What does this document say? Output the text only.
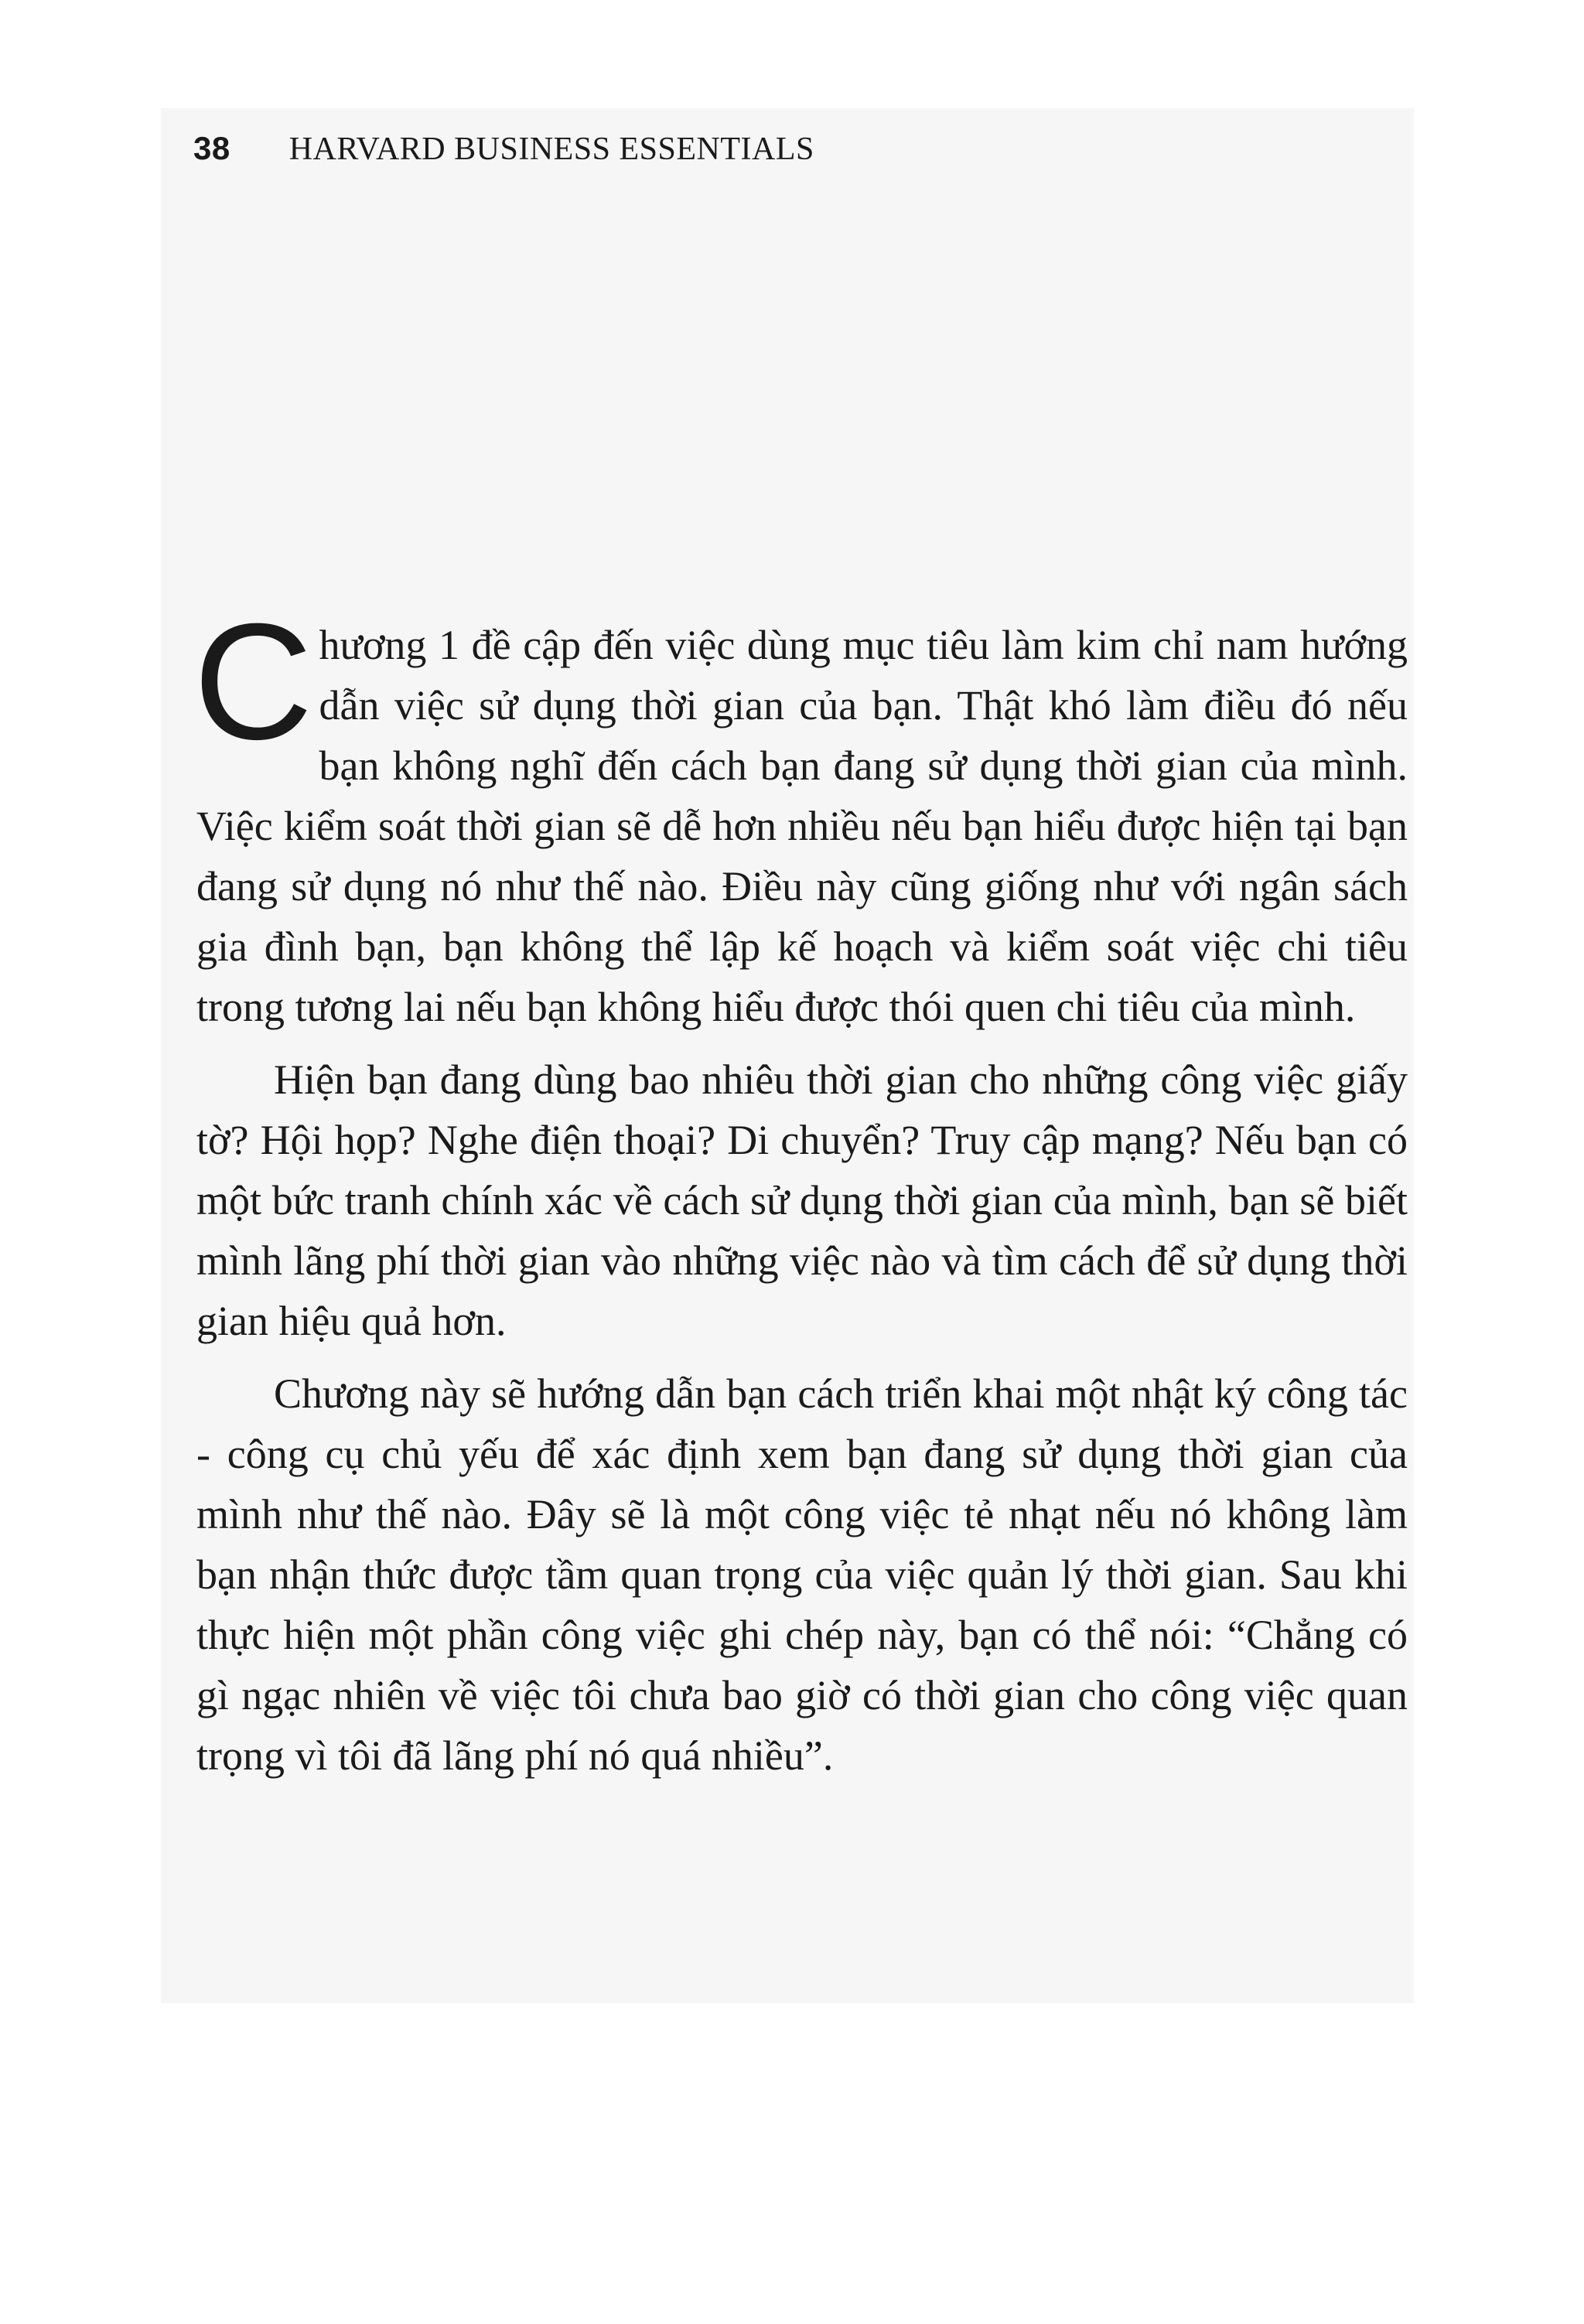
38 HARVARD BUSINESS ESSENTIALS

Chương 1 đề cập đến việc dùng mục tiêu làm kim chỉ nam hướng dẫn việc sử dụng thời gian của bạn. Thật khó làm điều đó nếu bạn không nghĩ đến cách bạn đang sử dụng thời gian của mình. Việc kiểm soát thời gian sẽ dễ hơn nhiều nếu bạn hiểu được hiện tại bạn đang sử dụng nó như thế nào. Điều này cũng giống như với ngân sách gia đình bạn, bạn không thể lập kế hoạch và kiểm soát việc chi tiêu trong tương lai nếu bạn không hiểu được thói quen chi tiêu của mình.

Hiện bạn đang dùng bao nhiêu thời gian cho những công việc giấy tờ? Hội họp? Nghe điện thoại? Di chuyển? Truy cập mạng? Nếu bạn có một bức tranh chính xác về cách sử dụng thời gian của mình, bạn sẽ biết mình lãng phí thời gian vào những việc nào và tìm cách để sử dụng thời gian hiệu quả hơn.

Chương này sẽ hướng dẫn bạn cách triển khai một nhật ký công tác - công cụ chủ yếu để xác định xem bạn đang sử dụng thời gian của mình như thế nào. Đây sẽ là một công việc tẻ nhạt nếu nó không làm bạn nhận thức được tầm quan trọng của việc quản lý thời gian. Sau khi thực hiện một phần công việc ghi chép này, bạn có thể nói: “Chẳng có gì ngạc nhiên về việc tôi chưa bao giờ có thời gian cho công việc quan trọng vì tôi đã lãng phí nó quá nhiều”.
